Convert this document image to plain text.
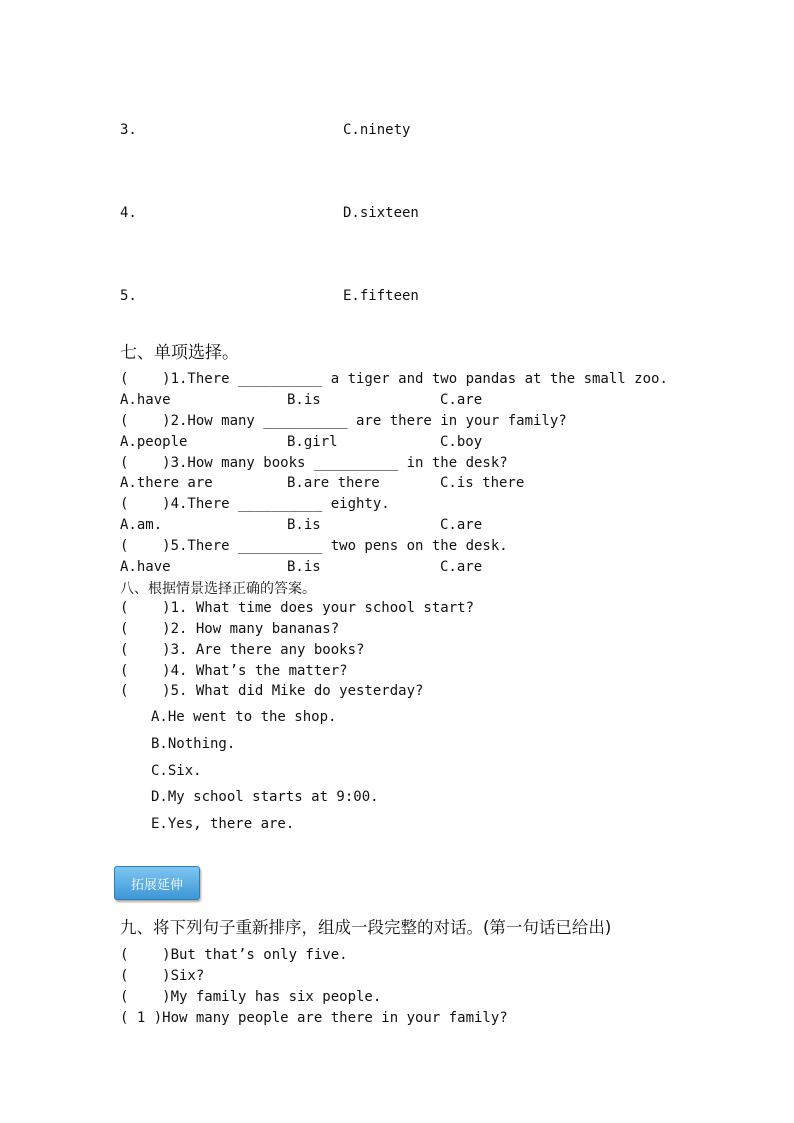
3.	C.ninety
4.	D.sixteen
5.	E.fifteen
七、单项选择。
(    )1.There __________ a tiger and two pandas at the small zoo.
A.have	B.is	C.are
(    )2.How many __________ are there in your family?
A.people	B.girl	C.boy
(    )3.How many books __________ in the desk?
A.there are	B.are there	C.is there
(    )4.There __________ eighty.
A.am.	B.is	C.are
(    )5.There __________ two pens on the desk.
A.have	B.is	C.are
八、根据情景选择正确的答案。
(    )1. What time does your school start?
(    )2. How many bananas?
(    )3. Are there any books?
(    )4. What’s the matter?
(    )5. What did Mike do yesterday?
A.He went to the shop.
B.Nothing.
C.Six.
D.My school starts at 9:00.
E.Yes, there are.
拓展延伸
九、将下列句子重新排序，组成一段完整的对话。(第一句话已给出)
(    )But that’s only five.
(    )Six?
(    )My family has six people.
( 1 )How many people are there in your family?
